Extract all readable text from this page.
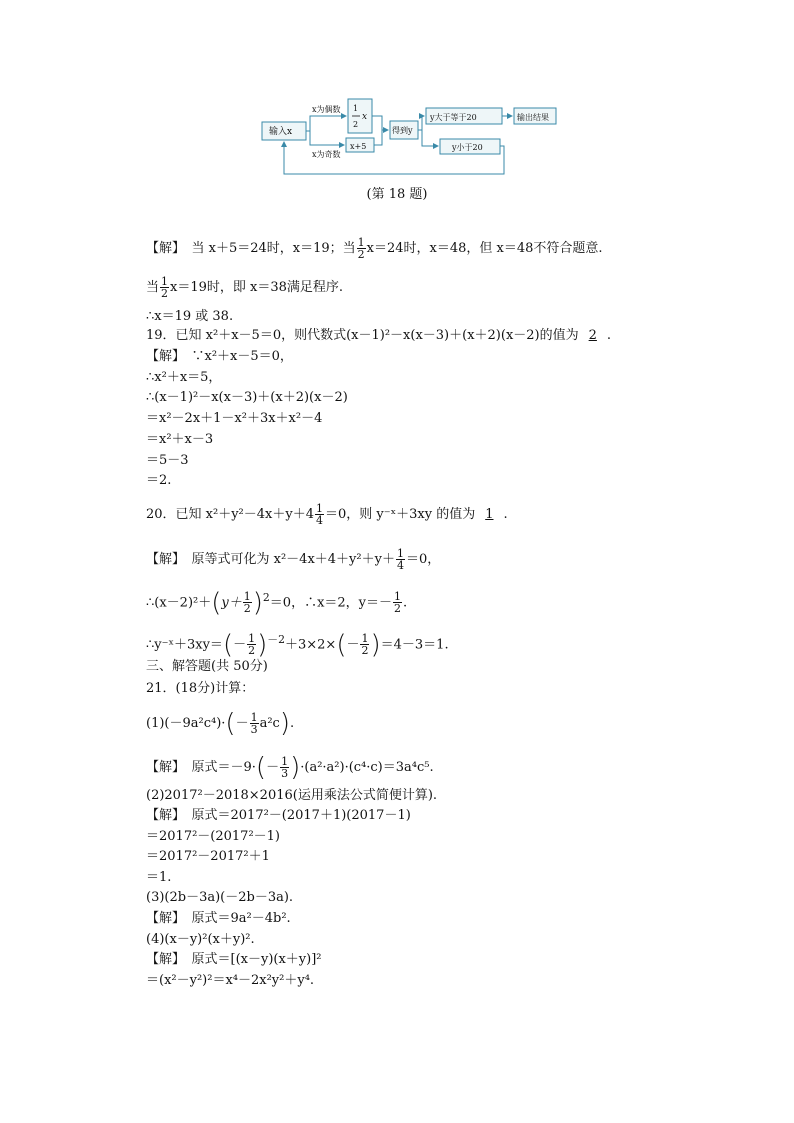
输入x
x为偶数
x为奇数
1
2
x
x+5
得到y
y大于等于20	输出结果
y小于20
(第 18 题)
【解】　当 x＋5＝24时，x＝19；当 $\frac{1}{2} x=24$时，x＝48，但 x＝48不符合题意.
当 $\frac{1}{2} x=19$时，即 x＝38满足程序.
∴x＝19 或 38.
19．已知 x²＋x－5＝0，则代数式(x－1)²－x(x－3)＋(x＋2)(x－2)的值为 2 .
【解】　∵x²＋x－5＝0，
∴x²＋x＝5，
∴(x－1)²－x(x－3)＋(x＋2)(x－2)
＝x²－2x＋1－x²＋3x＋x²－4
＝x²＋x－3
＝5－3
＝2.
20．已知 $x^2+y^2-4x+y+4 \frac{1}{4} =0$，则 y⁻ˣ＋3xy 的值为 1 .
【解】　原等式可化为 $x^2-4x+4+y^2+y+ \frac{1}{4} =0$，
∴(x－2)²＋(y＋ $\frac{1}{2} )^2=0$，∴x＝2，$y=- \frac{1}{2}$ .
∴y⁻ˣ＋3xy＝(－ $\frac{1}{2} )^{-2}+3\times 2\times(- \frac{1}{2} )=4-3=1$.
三、解答题(共 50分)
21．(18分)计算：
$(1)(-9a^2c^4)\cdot(- \frac{1}{3} a^2c)$.
【解】　原式$=-9\cdot(- \frac{1}{3} )\cdot(a^2\cdot a^2)\cdot(c^4\cdot c)=3a^4c^5$.
(2)2017²－2018×2016(运用乘法公式简便计算).
【解】　原式＝2017²－(2017＋1)(2017－1)
＝2017²－(2017²－1)
＝2017²－2017²＋1
＝1.
(3)(2b－3a)(－2b－3a).
【解】　原式＝9a²－4b².
(4)(x－y)²(x＋y)².
【解】　原式＝[(x－y)(x＋y)]²
＝(x²－y²)²＝x⁴－2x²y²＋y⁴.
